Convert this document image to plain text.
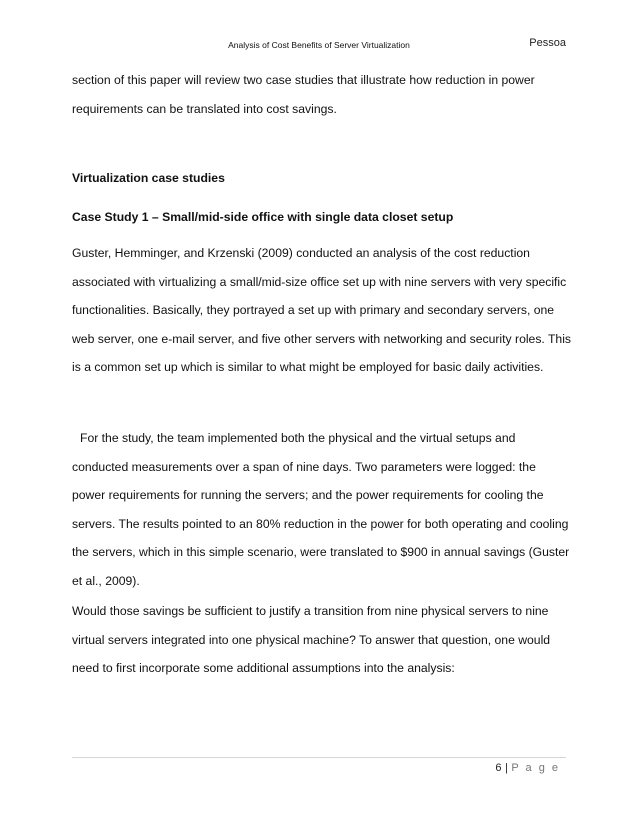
Analysis of Cost Benefits of Server Virtualization	Pessoa

section of this paper will review two case studies that illustrate how reduction in power requirements can be translated into cost savings.

Virtualization case studies
Case Study 1 – Small/mid-side office with single data closet setup

Guster, Hemminger, and Krzenski (2009) conducted an analysis of the cost reduction associated with virtualizing a small/mid-size office set up with nine servers with very specific functionalities. Basically, they portrayed a set up with primary and secondary servers, one web server, one e-mail server, and five other servers with networking and security roles. This is a common set up which is similar to what might be employed for basic daily activities.

For the study, the team implemented both the physical and the virtual setups and conducted measurements over a span of nine days. Two parameters were logged: the power requirements for running the servers; and the power requirements for cooling the servers. The results pointed to an 80% reduction in the power for both operating and cooling the servers, which in this simple scenario, were translated to $900 in annual savings (Guster et al., 2009).

Would those savings be sufficient to justify a transition from nine physical servers to nine virtual servers integrated into one physical machine? To answer that question, one would need to first incorporate some additional assumptions into the analysis:

6 | P a g e
